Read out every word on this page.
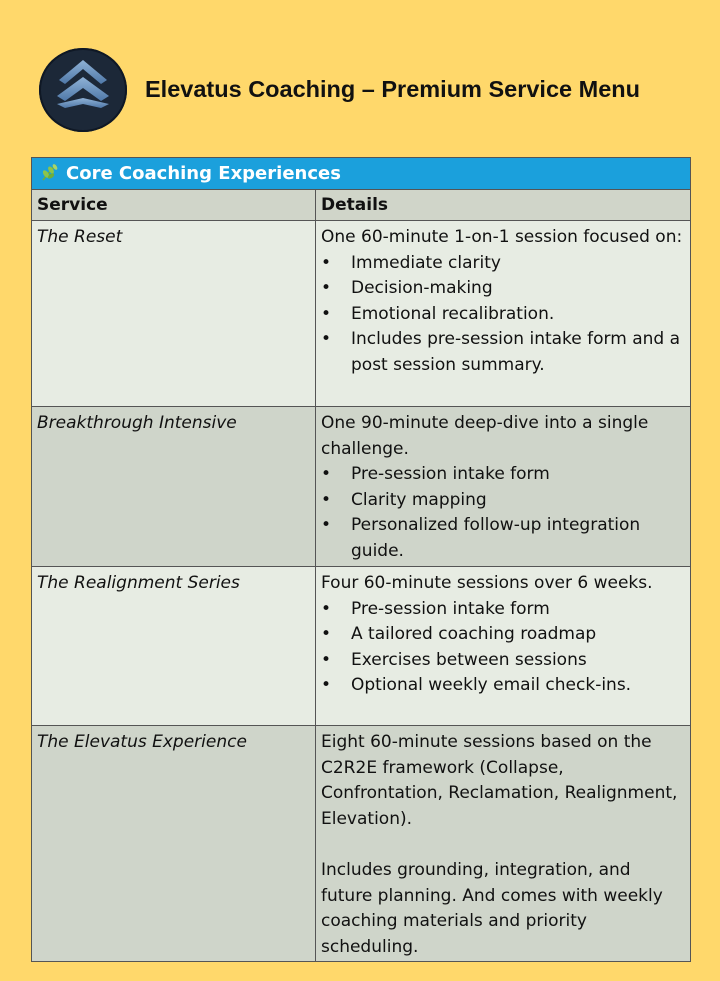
Elevatus Coaching – Premium Service Menu
Core Coaching Experiences
Service	Details
The Reset	One 60-minute 1-on-1 session focused on:
• Immediate clarity
• Decision-making
• Emotional recalibration.
• Includes pre-session intake form and a post session summary.
Breakthrough Intensive	One 90-minute deep-dive into a single challenge.
• Pre-session intake form
• Clarity mapping
• Personalized follow-up integration guide.
The Realignment Series	Four 60-minute sessions over 6 weeks.
• Pre-session intake form
• A tailored coaching roadmap
• Exercises between sessions
• Optional weekly email check-ins.
The Elevatus Experience	Eight 60-minute sessions based on the C2R2E framework (Collapse, Confrontation, Reclamation, Realignment, Elevation).
Includes grounding, integration, and future planning. And comes with weekly coaching materials and priority scheduling.
